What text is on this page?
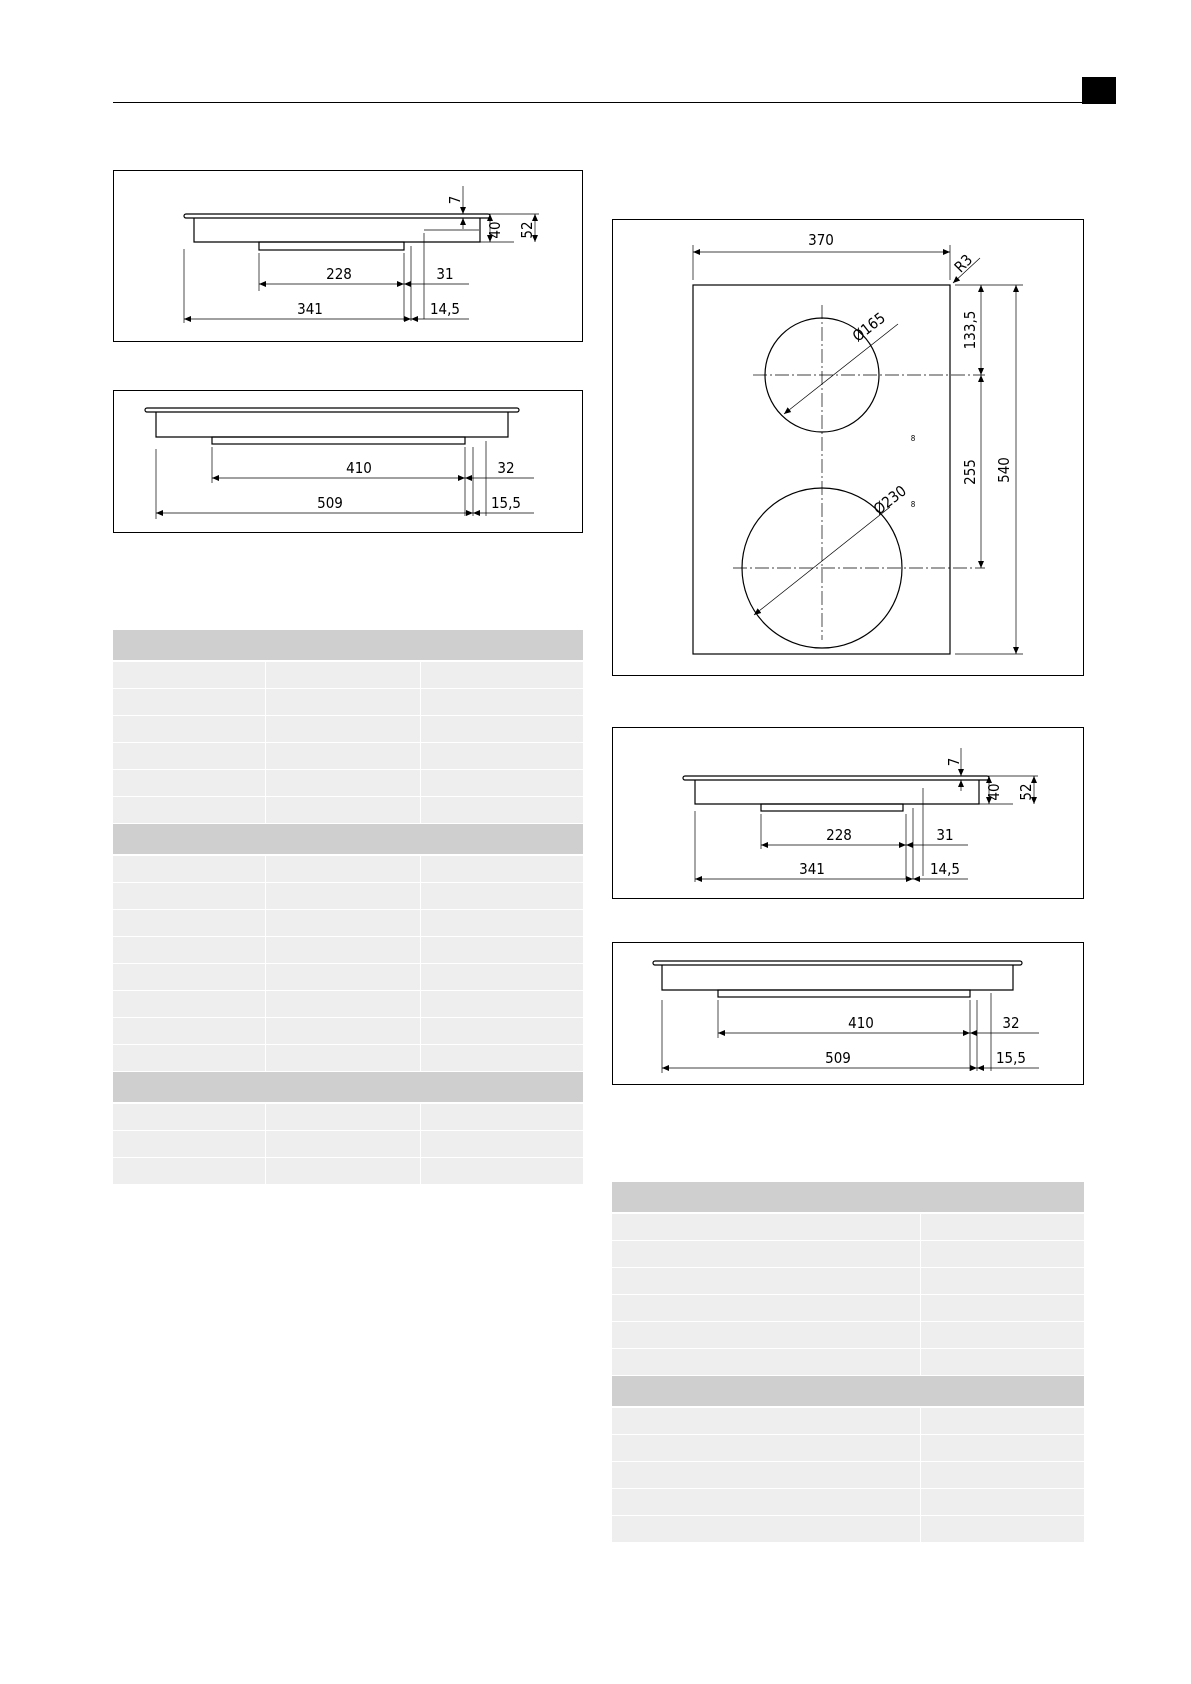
228	31
341	14,5
7
40 52
410	32
509	15,5

370
R3
Ø165
Ø230
133,5
255 540
8
8
228	31
341	14,5
7
40 52
410	32
509	15,5
